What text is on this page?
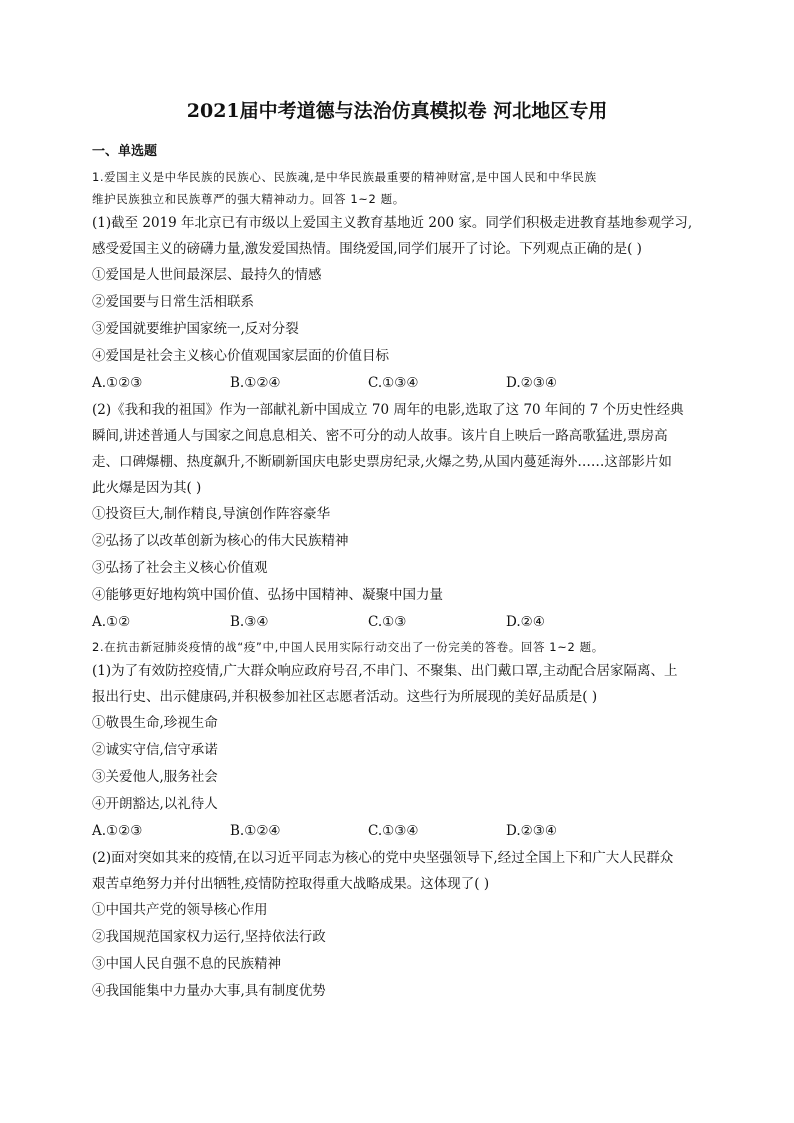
2021届中考道德与法治仿真模拟卷 河北地区专用
一、单选题

1.爱国主义是中华民族的民族心、民族魂,是中华民族最重要的精神财富,是中国人民和中华民族

维护民族独立和民族尊严的强大精神动力。回答 1~2 题。

(1)截至 2019 年北京已有市级以上爱国主义教育基地近 200 家。同学们积极走进教育基地参观学习,

感受爱国主义的磅礴力量,激发爱国热情。围绕爱国,同学们展开了讨论。下列观点正确的是( )

①爱国是人世间最深层、最持久的情感

②爱国要与日常生活相联系

③爱国就要维护国家统一,反对分裂

④爱国是社会主义核心价值观国家层面的价值目标

A.①②③	B.①②④	C.①③④	D.②③④

(2)《我和我的祖国》作为一部献礼新中国成立 70 周年的电影,选取了这 70 年间的 7 个历史性经典

瞬间,讲述普通人与国家之间息息相关、密不可分的动人故事。该片自上映后一路高歌猛进,票房高

走、口碑爆棚、热度飙升,不断刷新国庆电影史票房纪录,火爆之势,从国内蔓延海外……这部影片如

此火爆是因为其( )

①投资巨大,制作精良,导演创作阵容豪华

②弘扬了以改革创新为核心的伟大民族精神

③弘扬了社会主义核心价值观

④能够更好地构筑中国价值、弘扬中国精神、凝聚中国力量

A.①②	B.③④	C.①③	D.②④

2.在抗击新冠肺炎疫情的战“疫”中,中国人民用实际行动交出了一份完美的答卷。回答 1~2 题。

(1)为了有效防控疫情,广大群众响应政府号召,不串门、不聚集、出门戴口罩,主动配合居家隔离、上

报出行史、出示健康码,并积极参加社区志愿者活动。这些行为所展现的美好品质是( )

①敬畏生命,珍视生命

②诚实守信,信守承诺

③关爱他人,服务社会

④开朗豁达,以礼待人

A.①②③	B.①②④	C.①③④	D.②③④

(2)面对突如其来的疫情,在以习近平同志为核心的党中央坚强领导下,经过全国上下和广大人民群众

艰苦卓绝努力并付出牺牲,疫情防控取得重大战略成果。这体现了( )

①中国共产党的领导核心作用

②我国规范国家权力运行,坚持依法行政

③中国人民自强不息的民族精神

④我国能集中力量办大事,具有制度优势
